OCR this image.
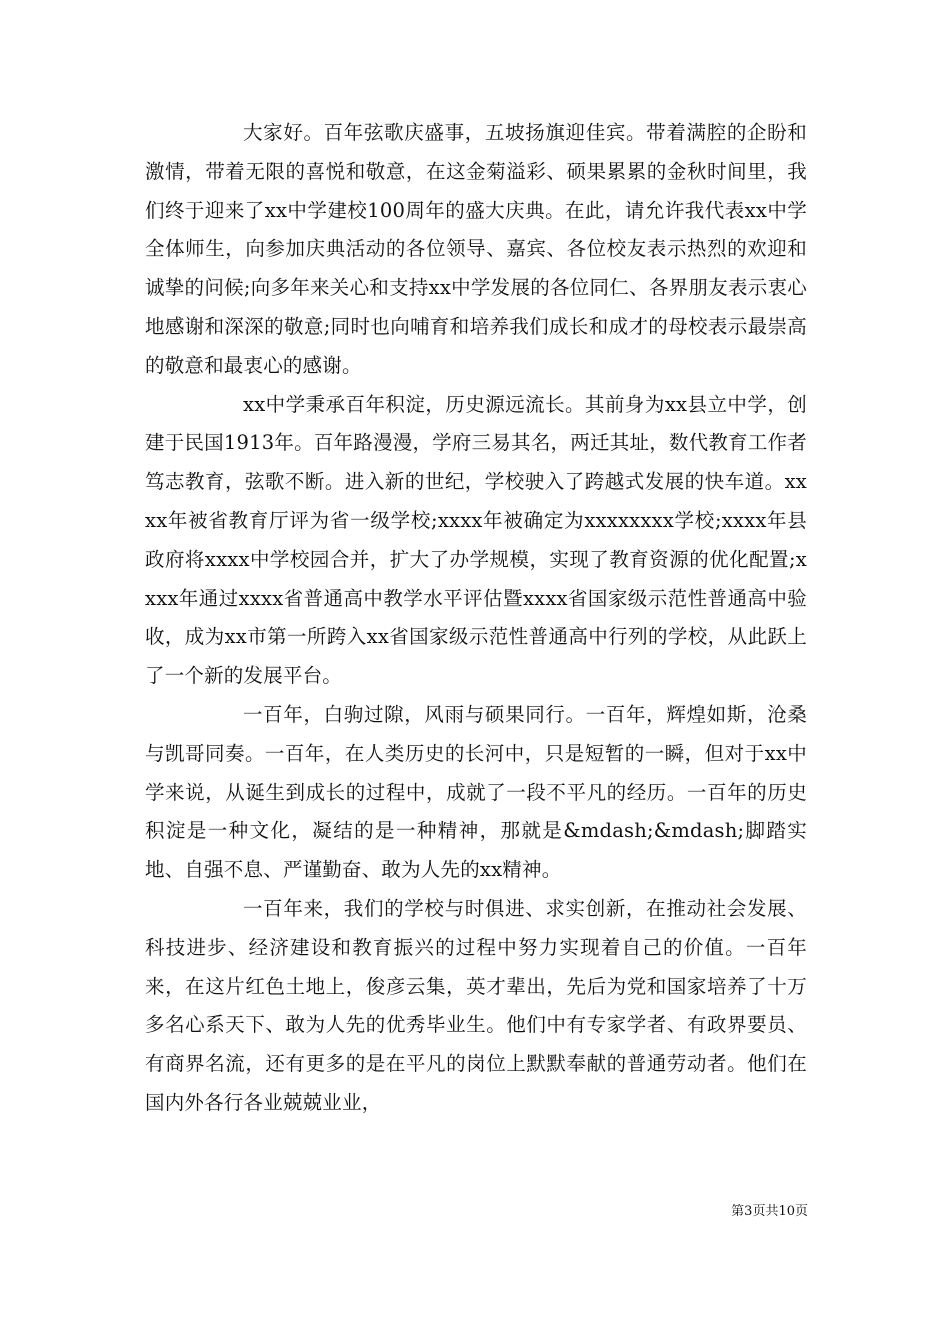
大家好。百年弦歌庆盛事，五坡扬旗迎佳宾。带着满腔的企盼和激情，带着无限的喜悦和敬意，在这金菊溢彩、硕果累累的金秋时间里，我们终于迎来了xx中学建校100周年的盛大庆典。在此，请允许我代表xx中学全体师生，向参加庆典活动的各位领导、嘉宾、各位校友表示热烈的欢迎和诚挚的问候;向多年来关心和支持xx中学发展的各位同仁、各界朋友表示衷心地感谢和深深的敬意;同时也向哺育和培养我们成长和成才的母校表示最崇高的敬意和最衷心的感谢。

xx中学秉承百年积淀，历史源远流长。其前身为xx县立中学，创建于民国1913年。百年路漫漫，学府三易其名，两迁其址，数代教育工作者笃志教育，弦歌不断。进入新的世纪，学校驶入了跨越式发展的快车道。xxxx年被省教育厅评为省一级学校;xxxx年被确定为xxxxxxxx学校;xxxx年县政府将xxxx中学校园合并，扩大了办学规模，实现了教育资源的优化配置;xxxx年通过xxxx省普通高中教学水平评估暨xxxx省国家级示范性普通高中验收，成为xx市第一所跨入xx省国家级示范性普通高中行列的学校，从此跃上了一个新的发展平台。

一百年，白驹过隙，风雨与硕果同行。一百年，辉煌如斯，沧桑与凯哥同奏。一百年，在人类历史的长河中，只是短暂的一瞬，但对于xx中学来说，从诞生到成长的过程中，成就了一段不平凡的经历。一百年的历史积淀是一种文化，凝结的是一种精神，那就是&mdash;&mdash;脚踏实地、自强不息、严谨勤奋、敢为人先的xx精神。

一百年来，我们的学校与时俱进、求实创新，在推动社会发展、科技进步、经济建设和教育振兴的过程中努力实现着自己的价值。一百年来，在这片红色土地上，俊彦云集，英才辈出，先后为党和国家培养了十万多名心系天下、敢为人先的优秀毕业生。他们中有专家学者、有政界要员、有商界名流，还有更多的是在平凡的岗位上默默奉献的普通劳动者。他们在国内外各行各业兢兢业业，

第3页共10页
